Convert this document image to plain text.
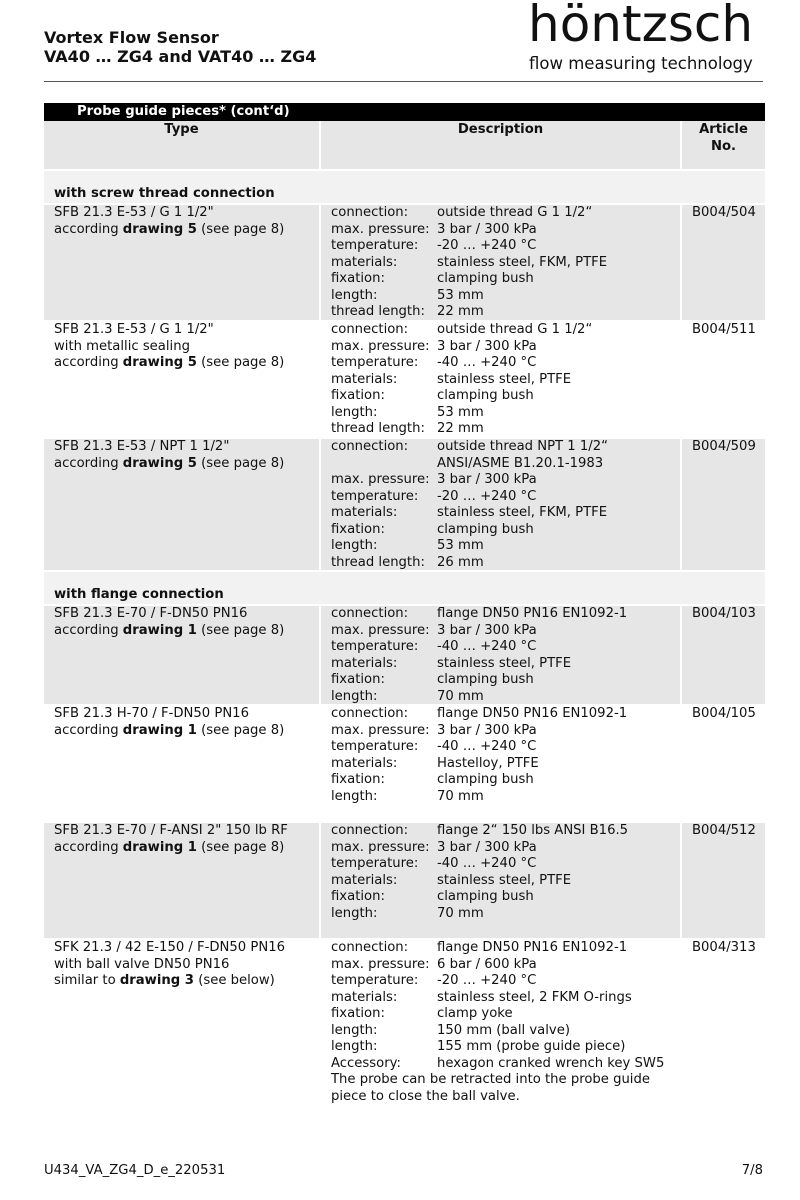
Vortex Flow Sensor
VA40 … ZG4 and VAT40 … ZG4
höntzsch
flow measuring technology
Probe guide pieces* (cont‘d)
Type	Description	Article
No.
with screw thread connection
SFB 21.3 E-53 / G 1 1/2"
according drawing 5 (see page 8)
connection:	outside thread G 1 1/2“
max. pressure: 3 bar / 300 kPa
temperature:	-20 … +240 °C
materials:	stainless steel, FKM, PTFE
fixation:	clamping bush
length:	53 mm
thread length: 22 mm
B004/504
SFB 21.3 E-53 / G 1 1/2"
with metallic sealing
according drawing 5 (see page 8)
connection:	outside thread G 1 1/2“
max. pressure: 3 bar / 300 kPa
temperature:	-40 … +240 °C
materials:	stainless steel, PTFE
fixation:	clamping bush
length:	53 mm
thread length: 22 mm
B004/511
SFB 21.3 E-53 / NPT 1 1/2"
according drawing 5 (see page 8)
connection:	outside thread NPT 1 1/2“
ANSI/ASME B1.20.1-1983
max. pressure: 3 bar / 300 kPa
temperature:	-20 … +240 °C
materials:	stainless steel, FKM, PTFE
fixation:	clamping bush
length:	53 mm
thread length: 26 mm
B004/509
with flange connection
SFB 21.3 E-70 / F-DN50 PN16
according drawing 1 (see page 8)
connection:	flange DN50 PN16 EN1092-1
max. pressure: 3 bar / 300 kPa
temperature:	-40 … +240 °C
materials:	stainless steel, PTFE
fixation:	clamping bush
length:	70 mm
B004/103
SFB 21.3 H-70 / F-DN50 PN16
according drawing 1 (see page 8)
connection:	flange DN50 PN16 EN1092-1
max. pressure: 3 bar / 300 kPa
temperature:	-40 … +240 °C
materials:	Hastelloy, PTFE
fixation:	clamping bush
length:	70 mm
B004/105
SFB 21.3 E-70 / F-ANSI 2" 150 lb RF
according drawing 1 (see page 8)
connection:	flange 2“ 150 lbs ANSI B16.5
max. pressure: 3 bar / 300 kPa
temperature:	-40 … +240 °C
materials:	stainless steel, PTFE
fixation:	clamping bush
length:	70 mm
B004/512
SFK 21.3 / 42 E-150 / F-DN50 PN16
with ball valve DN50 PN16
similar to drawing 3 (see below)
connection:	flange DN50 PN16 EN1092-1
max. pressure: 6 bar / 600 kPa
temperature:	-20 … +240 °C
materials:	stainless steel, 2 FKM O-rings
fixation:	clamp yoke
length:	150 mm (ball valve)
length:	155 mm (probe guide piece)
Accessory:	hexagon cranked wrench key SW5
The probe can be retracted into the probe guide piece to close the ball valve.
B004/313
U434_VA_ZG4_D_e_220531	7/8
